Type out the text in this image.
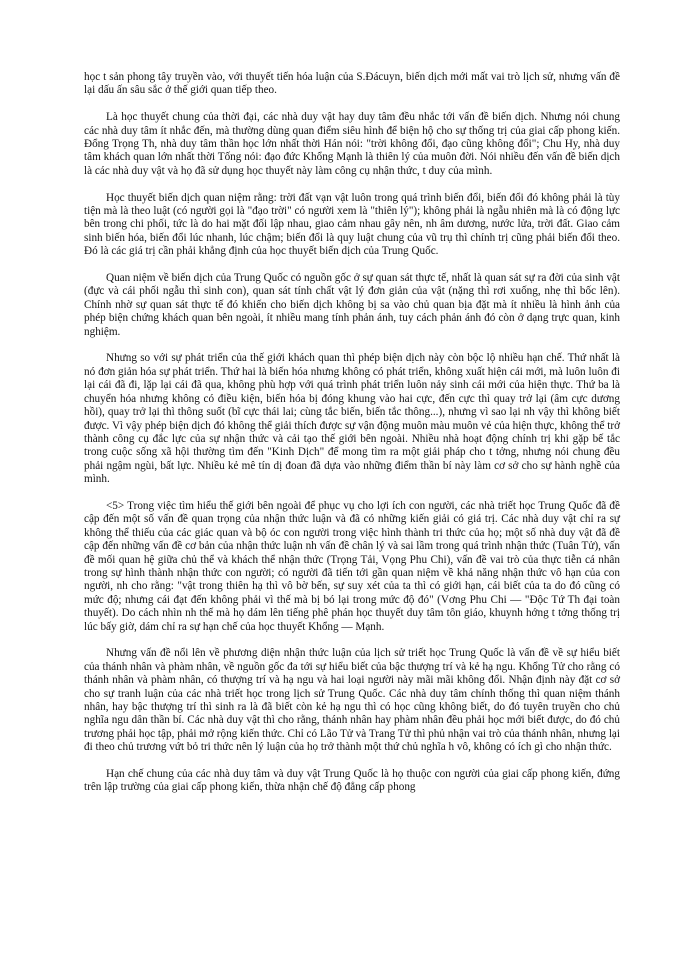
học t sản phong tây truyền vào, với thuyết tiến hóa luận của S.Đácuyn, biến dịch mới mất vai trò lịch sử, nhưng vấn đề lại dấu ấn sâu sắc ở thế giới quan tiếp theo.

Là học thuyết chung của thời đại, các nhà duy vật hay duy tâm đều nhắc tới vấn đề biến dịch. Nhưng nói chung các nhà duy tâm ít nhắc đến, mà thường dùng quan điểm siêu hình để biện hộ cho sự thống trị của giai cấp phong kiến. Đổng Trọng Th, nhà duy tâm thần học lớn nhất thời Hán nói: "trời không đổi, đạo cũng không đổi"; Chu Hy, nhà duy tâm khách quan lớn nhất thời Tống nói: đạo đức Khổng Mạnh là thiên lý của muôn đời. Nói nhiều đến vấn đề biến dịch là các nhà duy vật và họ đã sử dụng học thuyết này làm công cụ nhận thức, t duy của mình.

Học thuyết biến dịch quan niệm rằng: trời đất vạn vật luôn trong quá trình biến đổi, biến đổi đó không phải là tùy tiện mà là theo luật (có người gọi là "đạo trời" có người xem là "thiên lý"); không phải là ngẫu nhiên mà là có động lực bên trong chi phối, tức là do hai mặt đối lập nhau, giao cảm nhau gây nên, nh âm dương, nước lửa, trời đất. Giao cảm sinh biến hóa, biến đổi lúc nhanh, lúc chậm; biến đổi là quy luật chung của vũ trụ thì chính trị cũng phải biến đổi theo. Đó là các giá trị cần phải khẳng định của học thuyết biến dịch của Trung Quốc.

Quan niệm về biến dịch của Trung Quốc có nguồn gốc ở sự quan sát thực tế, nhất là quan sát sự ra đời của sinh vật (đực và cái phối ngẫu thì sinh con), quan sát tính chất vật lý đơn giản của vật (nặng thì rơi xuống, nhẹ thì bốc lên). Chính nhờ sự quan sát thực tế đó khiến cho biến dịch không bị sa vào chủ quan bịa đặt mà ít nhiều là hình ảnh của phép biện chứng khách quan bên ngoài, ít nhiều mang tính phản ánh, tuy cách phản ánh đó còn ở dạng trực quan, kinh nghiệm.

Nhưng so với sự phát triển của thế giới khách quan thì phép biện dịch này còn bộc lộ nhiều hạn chế. Thứ nhất là nó đơn giản hóa sự phát triển. Thứ hai là biến hóa nhưng không có phát triển, không xuất hiện cái mới, mà luôn luôn đi lại cái đã đi, lặp lại cái đã qua, không phù hợp với quá trình phát triển luôn nảy sinh cái mới của hiện thực. Thứ ba là chuyển hóa nhưng không có điều kiện, biến hóa bị đóng khung vào hai cực, đến cực thì quay trở lại (âm cực dương hồi), quay trở lại thì thông suốt (bĩ cực thái lai; cùng tắc biến, biến tắc thông...), nhưng vì sao lại nh vậy thì không biết được. Vì vậy phép biện dịch đó không thể giải thích được sự vận động muôn màu muôn vẻ của hiện thực, không thể trở thành công cụ đắc lực của sự nhận thức và cải tạo thế giới bên ngoài. Nhiều nhà hoạt động chính trị khi gặp bế tắc trong cuộc sống xã hội thường tìm đến "Kinh Dịch" để mong tìm ra một giải pháp cho t tởng, nhưng nói chung đều phải ngậm ngùi, bất lực. Nhiều kẻ mê tín dị đoan đã dựa vào những điểm thần bí này làm cơ sở cho sự hành nghề của mình.

<5> Trong việc tìm hiểu thế giới bên ngoài để phục vụ cho lợi ích con người, các nhà triết học Trung Quốc đã đề cập đến một số vấn đề quan trọng của nhận thức luận và đã có những kiến giải có giá trị. Các nhà duy vật chỉ ra sự không thể thiếu của các giác quan và bộ óc con người trong việc hình thành tri thức của họ; một số nhà duy vật đã đề cập đến những vấn đề cơ bản của nhận thức luận nh vấn đề chân lý và sai lầm trong quá trình nhận thức (Tuân Tử), vấn đề mối quan hệ giữa chủ thể và khách thể nhận thức (Trọng Tải, Vọng Phu Chi), vấn đề vai trò của thực tiễn cá nhân trong sự hình thành nhận thức con người; có người đã tiến tới gần quan niệm về khả năng nhận thức vô hạn của con người, nh cho rằng: "vật trong thiên hạ thì vô bờ bến, sự suy xét của ta thì có giới hạn, cái biết của ta do đó cũng có mức độ; nhưng cái đạt đến không phải vì thế mà bị bó lại trong mức độ đó" (Vơng Phu Chi — "Độc Tứ Th đại toàn thuyết). Do cách nhìn nh thế mà họ dám lên tiếng phê phán học thuyết duy tâm tôn giáo, khuynh hớng t tởng thống trị lúc bấy giờ, dám chỉ ra sự hạn chế của học thuyết Khổng — Mạnh.

Nhưng vấn đề nổi lên về phương diện nhận thức luận của lịch sử triết học Trung Quốc là vấn đề về sự hiểu biết của thánh nhân và phàm nhân, về nguồn gốc đa tới sự hiểu biết của bậc thượng trí và kẻ hạ ngu. Khổng Tử cho rằng có thánh nhân và phàm nhân, có thượng trí và hạ ngu và hai loại người này mãi mãi không đổi. Nhận định này đặt cơ sở cho sự tranh luận của các nhà triết học trong lịch sử Trung Quốc. Các nhà duy tâm chính thống thì quan niệm thánh nhân, hay bậc thượng trí thì sinh ra là đã biết còn kẻ hạ ngu thì có học cũng không biết, do đó tuyên truyền cho chủ nghĩa ngu dân thần bí. Các nhà duy vật thì cho rằng, thánh nhân hay phàm nhân đều phải học mới biết được, do đó chủ trương phải học tập, phải mở rộng kiến thức. Chỉ có Lão Tử và Trang Tử thì phủ nhận vai trò của thánh nhân, nhưng lại đi theo chủ trương vứt bỏ tri thức nên lý luận của họ trở thành một thứ chủ nghĩa h vô, không có ích gì cho nhận thức.

Hạn chế chung của các nhà duy tâm và duy vật Trung Quốc là họ thuộc con người của giai cấp phong kiến, đứng trên lập trường của giai cấp phong kiến, thừa nhận chế độ đẳng cấp phong
